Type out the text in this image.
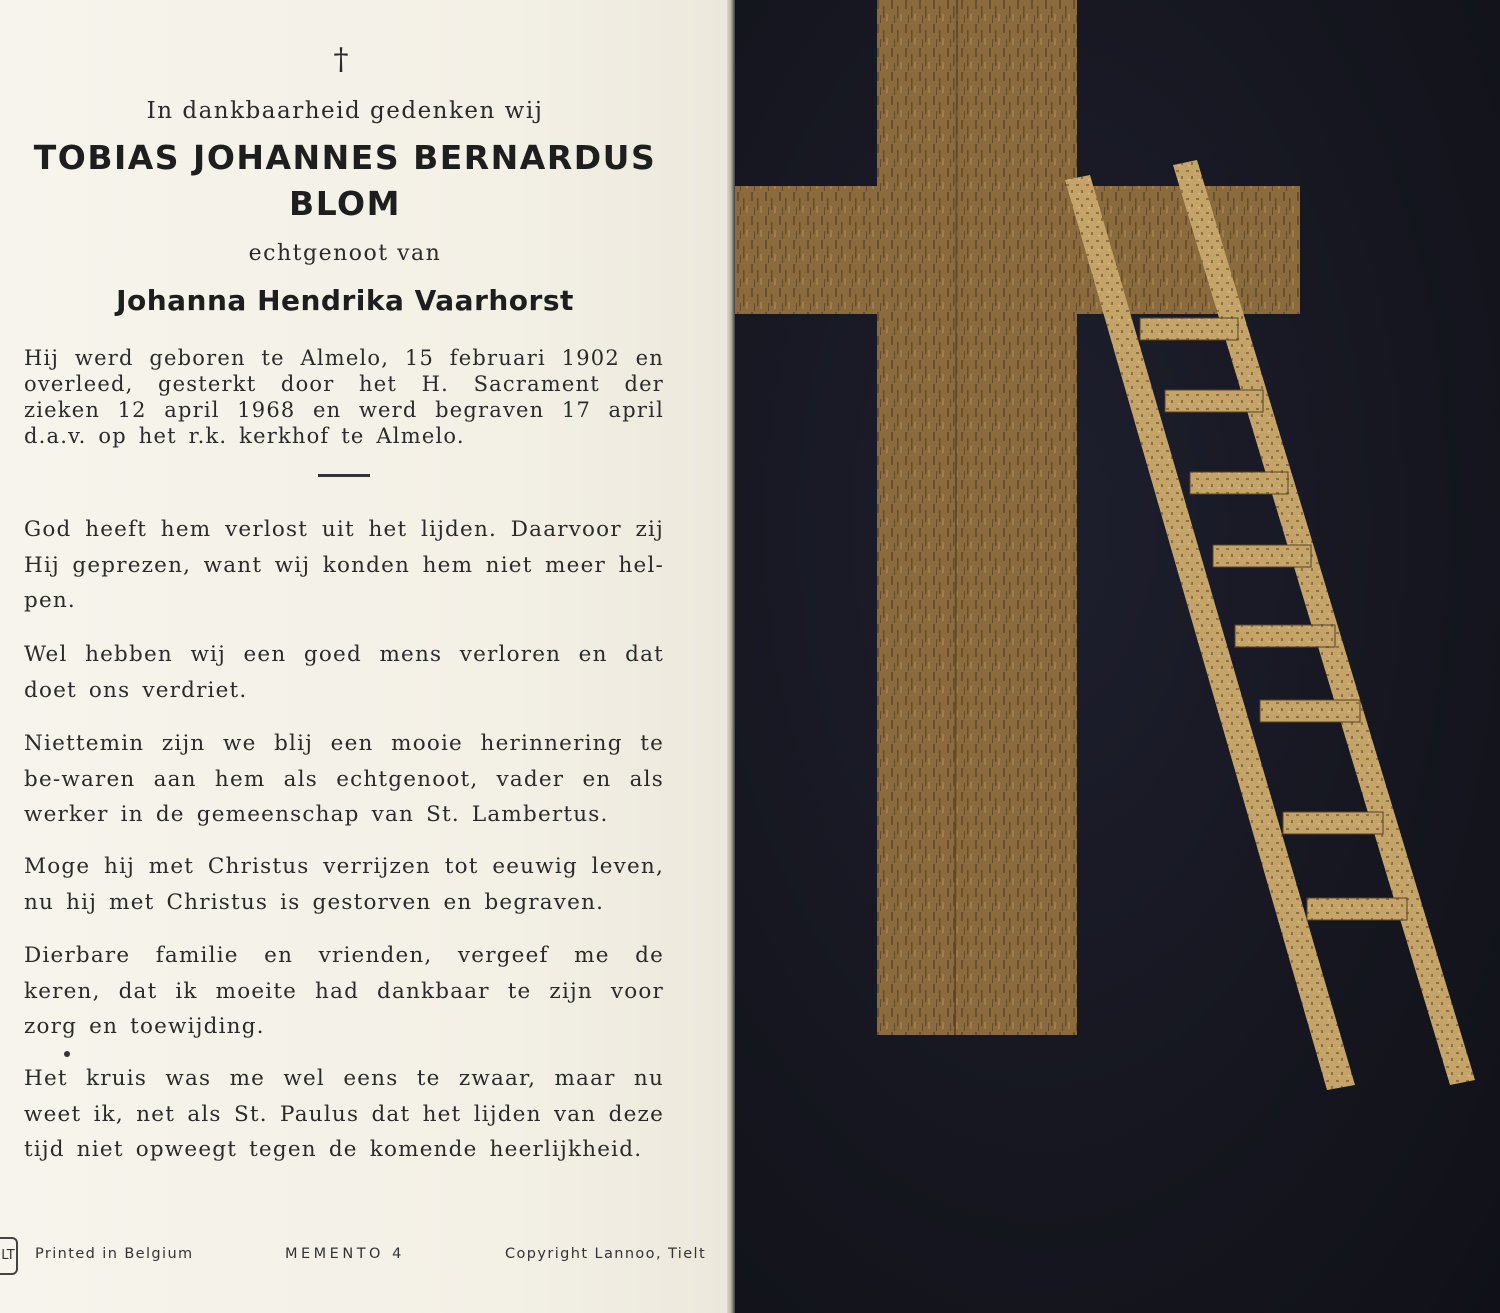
†
In dankbaarheid gedenken wij
TOBIAS JOHANNES BERNARDUS
BLOM
echtgenoot van
Johanna Hendrika Vaarhorst
Hij werd geboren te Almelo, 15 februari 1902 en overleed, gesterkt door het H. Sacrament der zieken 12 april 1968 en werd begraven 17 april d.a.v. op het r.k. kerkhof te Almelo.
God heeft hem verlost uit het lijden. Daarvoor zij Hij geprezen, want wij konden hem niet meer hel-pen.
Wel hebben wij een goed mens verloren en dat doet ons verdriet.
Niettemin zijn we blij een mooie herinnering te be-waren aan hem als echtgenoot, vader en als werker in de gemeenschap van St. Lambertus.
Moge hij met Christus verrijzen tot eeuwig leven, nu hij met Christus is gestorven en begraven.
Dierbare familie en vrienden, vergeef me de keren, dat ik moeite had dankbaar te zijn voor zorg en toewijding.
Het kruis was me wel eens te zwaar, maar nu weet ik, net als St. Paulus dat het lijden van deze tijd niet opweegt tegen de komende heerlijkheid.
LT Printed in Belgium	MEMENTO 4	Copyright Lannoo, Tielt
